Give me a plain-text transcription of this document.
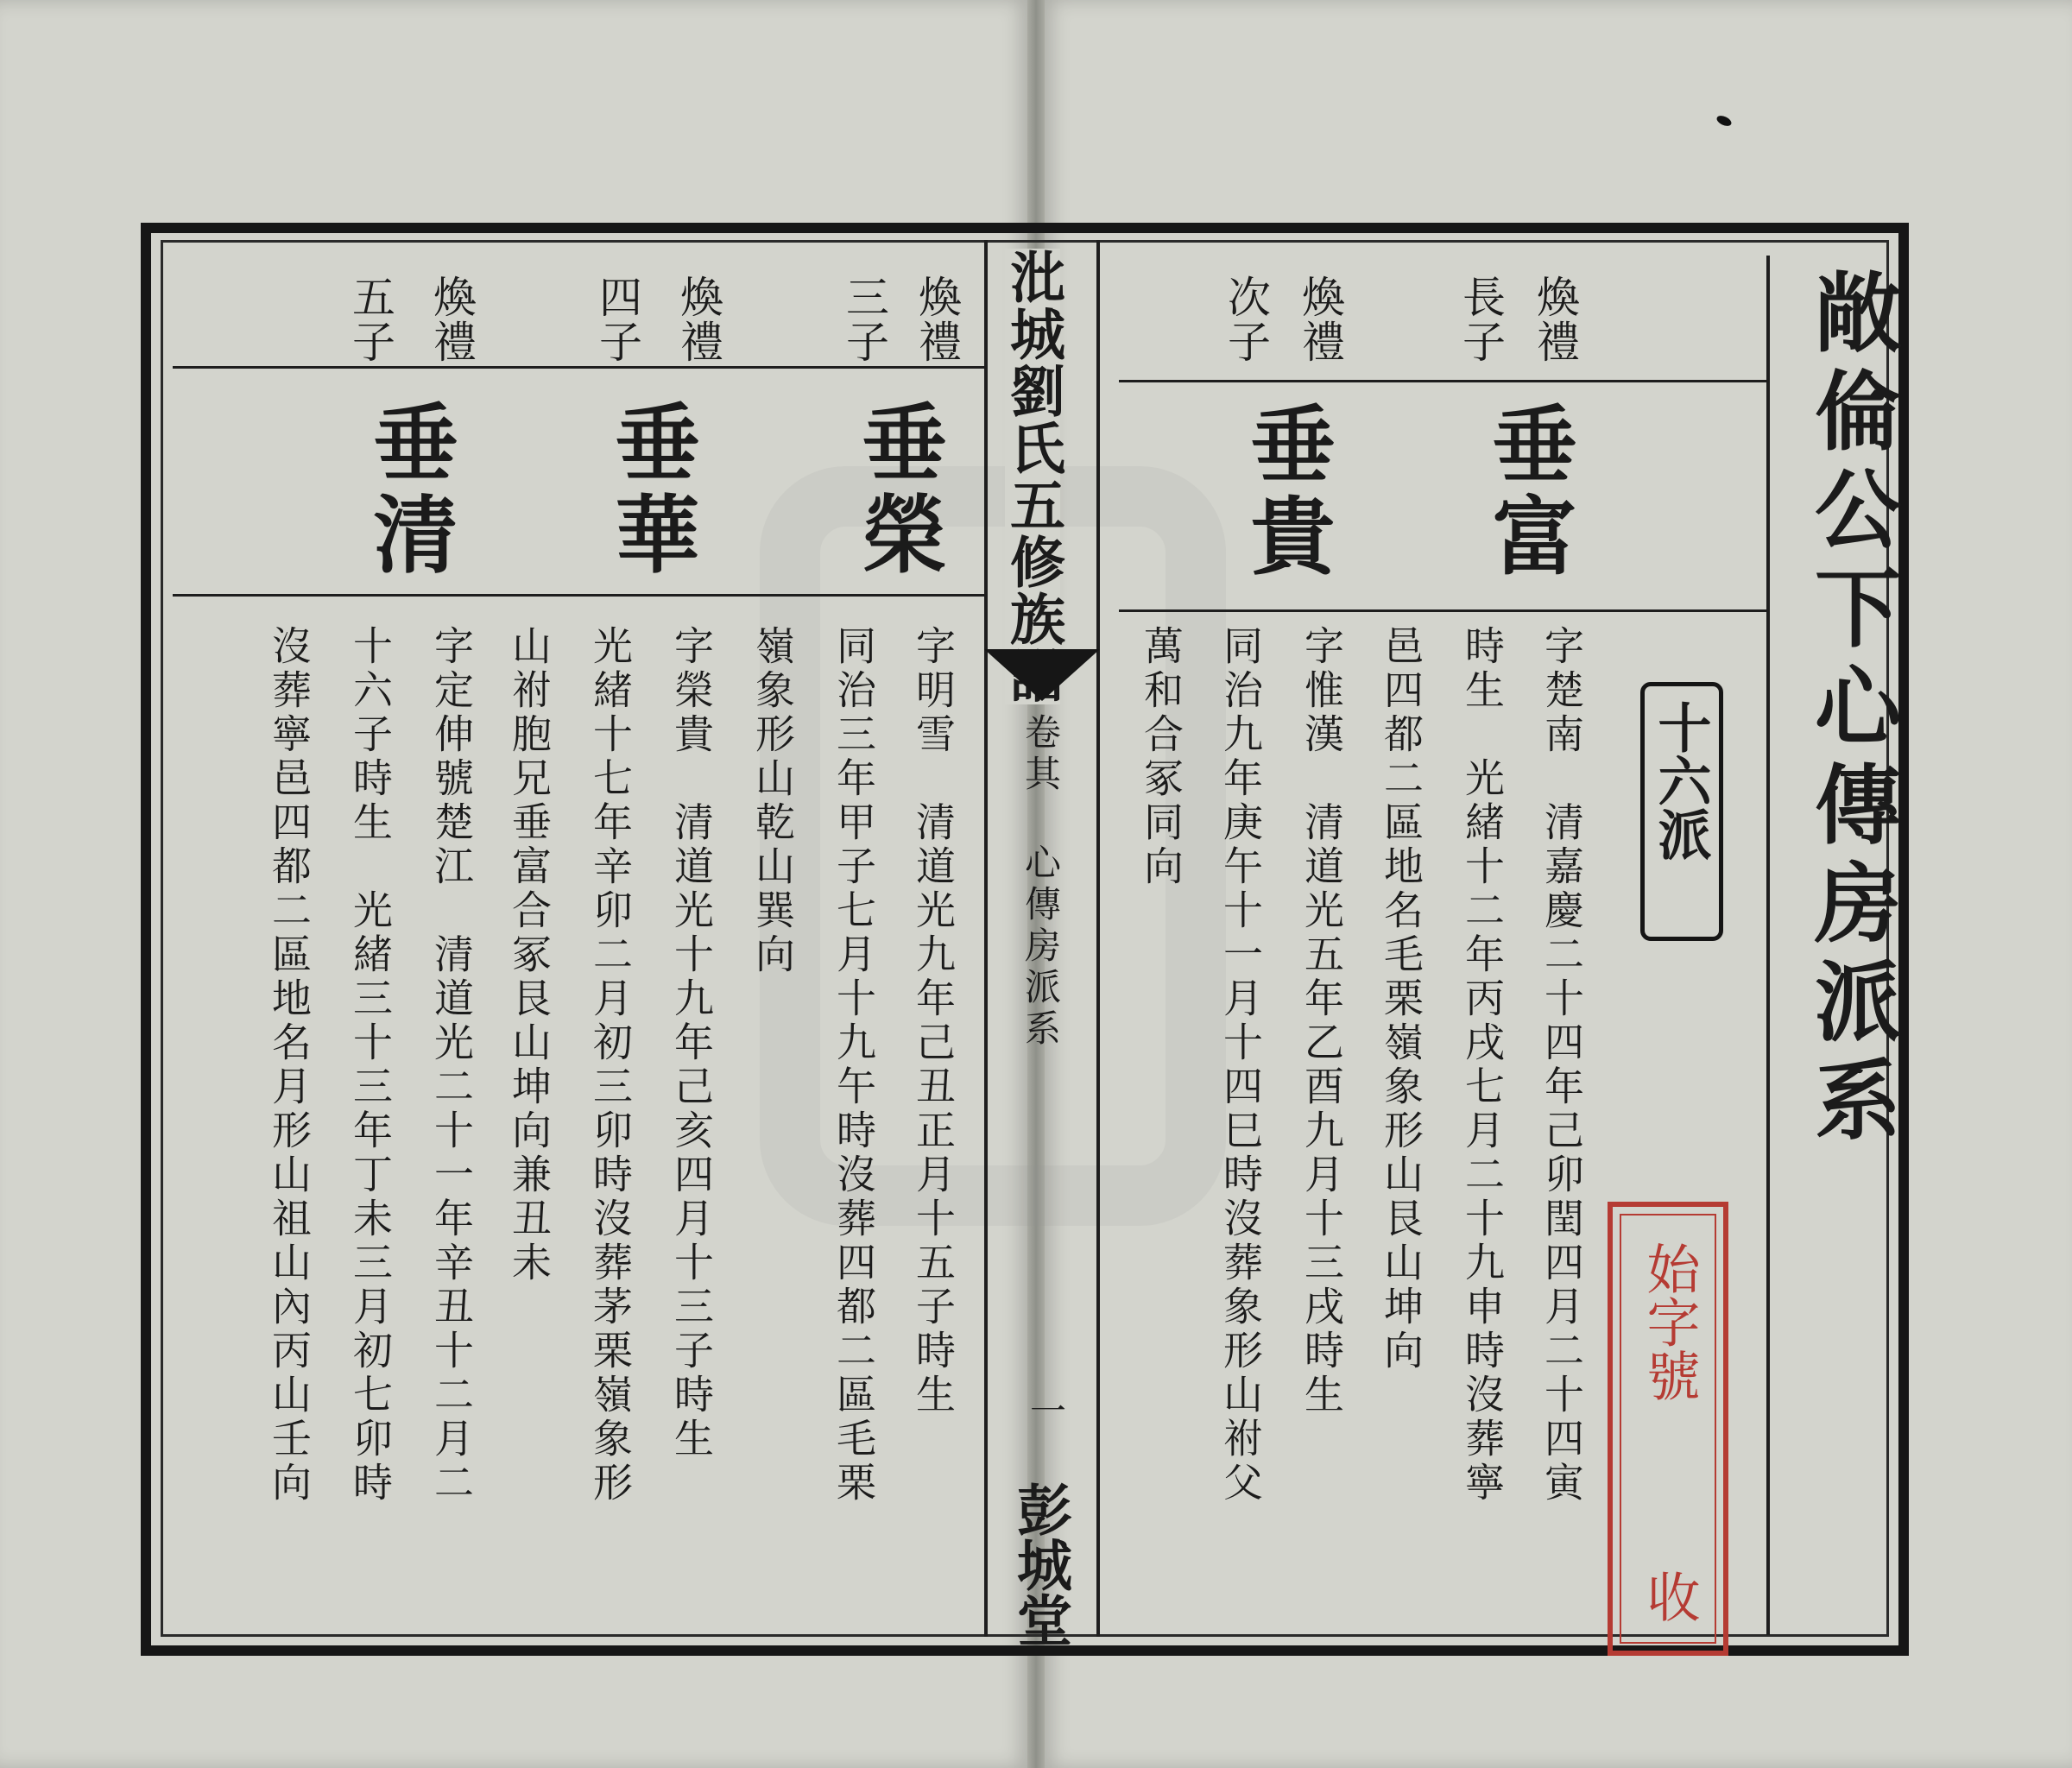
沘城劉氏五修族譜
卷其 心傳房派系
一
彭城堂
敞倫公下心傳房派系
十六派
始字號
收
煥禮
長子
垂富
字楚南　清嘉慶二十四年己卯閏四月二十四寅
時生　光緒十二年丙戌七月二十九申時沒葬寧
邑四都二區地名毛栗嶺象形山艮山坤向
煥禮
次子
垂貴
字惟漢　清道光五年乙酉九月十三戌時生
同治九年庚午十一月十四巳時沒葬象形山祔父
萬和合冢同向
煥禮
三子
垂榮
字明雪　清道光九年己丑正月十五子時生
同治三年甲子七月十九午時沒葬四都二區毛栗
嶺象形山乾山巽向
煥禮
四子
垂華
字榮貴　清道光十九年己亥四月十三子時生
光緒十七年辛卯二月初三卯時沒葬茅栗嶺象形
山祔胞兄垂富合冢艮山坤向兼丑未
煥禮
五子
垂清
字定伸號楚江　清道光二十一年辛丑十二月二
十六子時生　光緒三十三年丁未三月初七卯時
沒葬寧邑四都二區地名月形山祖山內丙山壬向
